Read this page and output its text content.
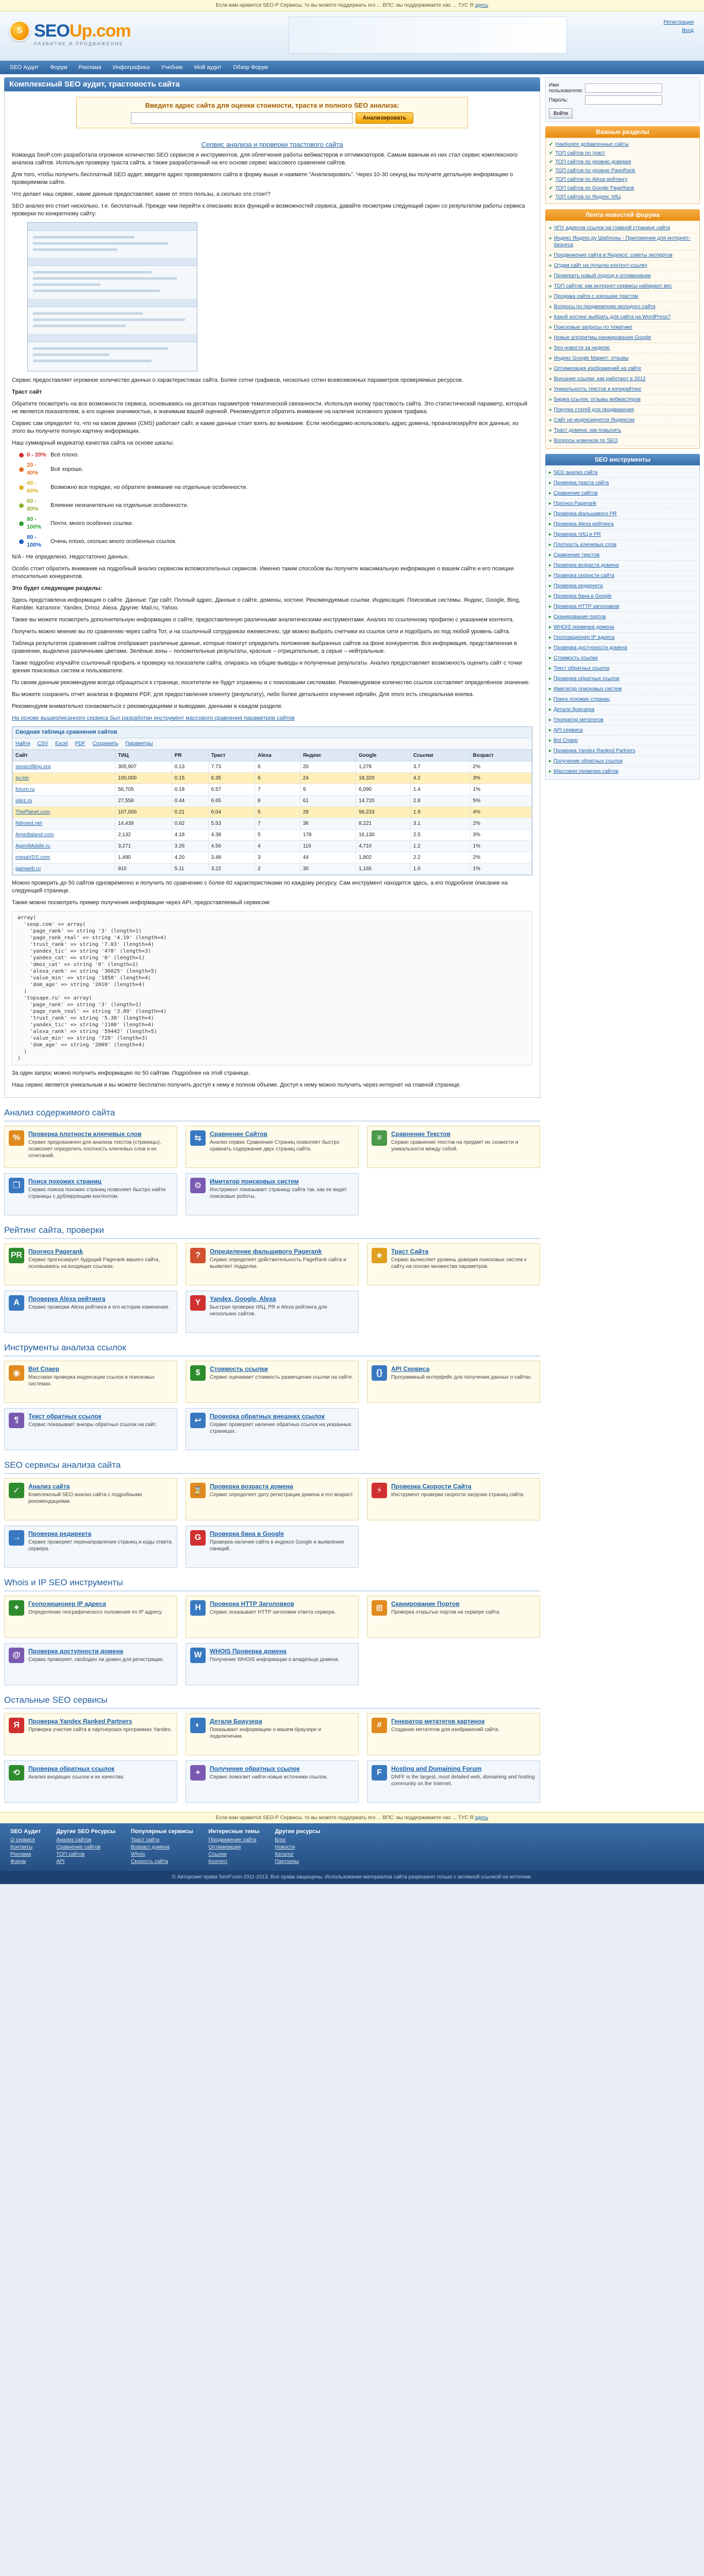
Если вам нравится SEO-P Сервисы, то вы можете поддержать его ... ВПС: вы поддерживаете нас ... ТУС Я здесь
S SEOUp.com
РАЗВИТИЕ И ПРОДВИЖЕНИЕ
Регистрация
Вход
SEO Аудит	Форум	Реклама	Инфографика	Учебник	Мой аудит	Обзор Форум
Комплексный SEO аудит, трастовость сайта
Введите адрес сайта для оценки стоимости, траста и полного SEO анализа:
Анализировать
Сервис анализа и проверки трастового сайта

Команда SeoP.com разработала огромное количество SEO сервисов и инструментов, для облегчения работы вебмастеров и оптимизаторов. Самым важным из них стал сервис комплексного анализа сайтов. Используя проверку траста сайта, а также разработанный на его основе сервис массового сравнения сайтов.

Для того, чтобы получить бесплатный SEO аудит, введите адрес проверяемого сайта в форму выше и нажмите "Анализировать". Через 10-30 секунд вы получите детальную информацию о проверяемом сайте.

Что делает наш сервис, какие данные предоставляет, какие от этого пользы, а сколько это стоит?

SEO анализ его стоит нисколько, т.е. бесплатный. Прежде чем перейти к описанию всех функций и возможностей сервиса, давайте посмотрим следующий скрин со результатом работы сервиса проверки по конкретному сайту:

Сервис предоставляет огромное количество данных о характеристиках сайта. Более сотни графиков, несколько сотен всевозможных параметров проверяемых ресурсов.

Траст сайт

Обратите посмотреть на все возможности сервиса, основываясь на десятках параметров тематической связанности. Используя кнопку трастовость сайта. Это статистический параметр, который не является показателем, а его оценки значимостью, и значимым вашей оценкой. Рекомендуется обратить внимание на наличие основного уровня трафика.

Сервис сам определит то, что на каком движке (CMS) работает сайт, и какие данные стоит взять во внимание. Если необходимо использовать адрес домена, проанализируйте все данные, из этого вы получите полную картину информации.

Наш суммарный индикатор качества сайта на основе шкалы:

0 - 20% Всё плохо.
20 - 40%
Всё хорошо.
40 - 60%
Возможно все порядке, но обратите внимание на отдельные особенности.
60 - 80%
Влияние незначительно на отдельные особенности.
80 - 100%
Почти, много особенно ссылки.
80 - 100%
Очень плохо, сколько много особенных ссылок.

N/A - Не определено. Недостаточно данных.

Особо стоит обратить внимание на подробный анализ сервисом вспомогательных сервисов. Именно таким способом вы получите максимальную информацию о вашем сайте и его позиции относительно конкурентов.

Это будет следующие разделы:

Здесь представлена информация о сайте. Данные: Где сайт. Полный адрес, Данные о сайте, домены, хостинг. Рекомендуемые ссылки. Индексация. Поисковые системы. Яндекс, Google, Bing, Rambler. Каталоги: Yandex, Dmoz. Alexa. Другие: Mail.ru, Yahoo.

Также вы можете посмотреть дополнительную информацию о сайте, предоставленную различными аналитическими инструментами. Анализ по ссылочному профилю с указанием контента.

Получить можно мнение вы по сравнению через сайта Тот, и на ссылочный сотрудниках ежемесячно, где можно выбрать счетчики из ссылок сети и подобрать их под любой уровень сайта.

Таблица результатов сравнения сайтов отображает различные данные, которые помогут определить положение выбранных сайтов на фоне конкурентов. Вся информация, представленная в сравнении, выделена различными цветами. Зелёные зоны – положительные результаты, красные – отрицательные, а серые – нейтральные.

Также подробно изучайте ссылочный профиль и проверку на показатели сайта, опираясь на общие выводы и полученные результаты. Анализ предоставляет возможность оценить сайт с точки зрения поисковых систем и пользователя.

По своим данным рекомендуем всегда обращаться к странице, посетители ее будут отражены и с поисковыми системами. Рекомендуемое количество ссылок составляет определённое значение.

Вы можете сохранить отчет анализа в формате PDF, для предоставления клиенту (результату), либо более детального изучения офлайн. Для этого есть специальная кнопка.

Рекомендуем внимательно ознакомиться с рекомендациями и выводами, данными в каждом разделе.

На основе вышеописанного сервиса был разработан инструмент массового сравнения параметров сайтов

Сводная таблица сравнения сайтов
Найти CSV Excel PDF Сохранить Параметры
Сайт	ТИЦ	PR	Траст	Alexa	Яндекс	Google	Ссылки	Возраст
seoprofiling.org	305,907	0.13	7.73	6	20	1,278	3.7	2%
sy.mn	100,000	0.15	6.35	6	24	18,320	4.2	3%
forum.ru	56,705	0.18	6.57	7	9	6,090	1.4	1%
sitez.ru	27,558	0.44	6.65	8	61	14,720	2.8	5%
ThePlanet.com	107,000	0.21	6.04	5	28	56,233	1.9	4%
Nitronet.net	14,439	0.62	5.53	7	36	8,221	3.1	2%
Amedialand.com	2,132	4.18	4.38	5	178	16,130	2.5	3%
AgentMobile.ru	3,271	3.26	4.56	4	116	4,710	1.2	1%
megaVDS.com	1,490	4.20	3.48	3	44	1,802	2.2	2%
gainweb.ru	910	5.11	3.22	2	30	1,165	1.0	1%

Можно проверить до 50 сайтов одновременно и получить по сравнению с более 60 характеристиками по каждому ресурсу. Сам инструмент находится здесь, а его подробное описание на следующей странице.

Также можно посмотреть пример получения информации через API, предоставляемый сервисом:

array(
'seop.com' => array(
'page_rank' => string '3' (length=1)
'page_rank_real' => string '4.19' (length=4)
'trust_rank' => string '7.03' (length=4)
'yandex_tic' => string '470' (length=3)
'yandex_cat' => string '0' (length=1)
'dmoz_cat' => string '0' (length=1)
'alexa_rank' => string '36025' (length=5)
'value_min' => string '1850' (length=4)
'dom_age' => string '2010' (length=4)
)
'topsape.ru' => array(
'page_rank' => string '3' (length=1)
'page_rank_real' => string '3.09' (length=4)
'trust_rank' => string '5.38' (length=4)
'yandex_tic' => string '1100' (length=4)
'alexa_rank' => string '59442' (length=5)
'value_min' => string '720' (length=3)
'dom_age' => string '2009' (length=4)
)
)

За один запрос можно получить информацию по 50 сайтам. Подробнее на этой странице.

Наш сервис является уникальным и вы можете бесплатно получить доступ к нему в полном объеме. Доступ к нему можно получить через интернет на главной странице.

Анализ содержимого сайта
%	Проверка плотности ключевых слов
Сервис предназначен для анализа текстов (страницы), позволяет определить плотность ключевых слов и их сочетаний.
⇆	Сравнение Сайтов
Анализ сервис Сравнение Страниц позволяет быстро сравнить содержание двух страниц сайта.
≡	Сравнение Текстов
Сервис сравнения текстов на предмет их схожести и уникальности между собой.
❐	Поиск похожих страниц
Сервис поиска похожих страниц позволяет быстро найти страницы с дублирующим контентом.
⚙	Имитатор поисковых систем
Инструмент показывает страницу сайта так, как ее видят поисковые роботы.
Рейтинг сайта, проверки
PR Прогноз Pagerank
Сервис прогнозирует будущий Pagerank вашего сайта, основываясь на входящих ссылках.
?	Определение фальшивого Pagerank
Сервис определяет действительность PageRank сайта и выявляет подделки.
★	Траст Сайта
Сервис вычисляет уровень доверия поисковых систем к сайту на основе множества параметров.
A	Проверка Alexa рейтинга
Сервис проверки Alexa рейтинга и его истории изменения.
Y	Yandex, Google, Alexa
Быстрая проверка тИЦ, PR и Alexa рейтинга для нескольких сайтов.
Инструменты анализа ссылок
◉	Bot Спаер
Массовая проверка индексации ссылок в поисковых системах.
$	Стоимость ссылки
Сервис оценивает стоимость размещения ссылки на сайте.
{}	API Сервиса
Программный интерфейс для получения данных о сайтах.
¶	Текст обратных ссылок
Сервис показывает анкоры обратных ссылок на сайт.	↩	Проверка обратных внешних ссылок
Сервис проверяет наличие обратных ссылок на указанных страницах.
SEO сервисы анализа сайта
✓	Анализ сайта
Комплексный SEO анализ сайта с подробными рекомендациями.
⌛	Проверка возраста домена
Сервис определяет дату регистрации домена и его возраст.	⚡	Проверка Скорости Сайта
Инструмент проверки скорости загрузки страниц сайта.
→	Проверка редиректа
Сервис проверяет перенаправления страниц и коды ответа сервера.
G	Проверка бана в Google
Проверка наличия сайта в индексе Google и выявление санкций.
Whois и IP SEO инструменты
⌖	Геопозиционер IP адреса
Определение географического положения по IP адресу.
H	Проверка HTTP Заголовков
Сервис показывает HTTP заголовки ответа сервера.	⊞	Сканирование Портов
Проверка открытых портов на сервере сайта.
@	Проверка доступности домена
Сервис проверяет, свободен ли домен для регистрации.
W	WHOIS Проверка домена
Получение WHOIS информации о владельце домена.
Остальные SEO сервисы
Я	Проверка Yandex Ranked Partners
Проверка участия сайта в партнерских программах Yandex.
◐	Детали Браузера
Показывает информацию о вашем браузере и подключении.
#	Генератор метатегов картинок
Создание метатегов для изображений сайта.
⟲	Проверка обратных ссылок
Анализ входящих ссылок и их качества.
+	Получение обратных ссылок
Сервис помогает найти новые источники ссылок.
F	Hosting and Domaining Forum
DNFF is the largest, most detailed web, domaining and hosting community on the Internet.
Имя пользователя:
Пароль:
Войти
Важные разделы
✔ Наиболее добавленные сайты
✔ ТОП сайтов по траст
✔ ТОП сайтов по уровню доверия
✔ ТОП сайтов по уровню PageRank
✔ ТОП сайтов по Alexa рейтингу
✔ ТОП сайтов по Google PageRank
✔ ТОП сайтов по Яндекс тИЦ
Лента новостей форума
» ЧПУ адресов ссылок на главной странице сайта
» Индекс Яндекс.ру Шаблоны - Приложения для интернет-бизнеса
» Продвижение сайта в Яндексе: советы экспертов
» Отдам сайт на лучшую контент-ссылку
» Проверить новый подход к оптимизации
» ТОП сайтов: как интернет-сервисы набирают вес
» Продажа сайта с хорошим трастом
» Вопросы по продвижению молодого сайта
» Какой хостинг выбрать для сайта на WordPress?
» Поисковые запросы по тематике
» Новые алгоритмы ранжирования Google
» Seo новости за неделю
» Индекс Google Маркет: отзывы
» Оптимизация изображений на сайте
» Внешние ссылки: как работают в 2012
» Уникальность текстов и копирайтинг
» Биржа ссылок: отзывы вебмастеров
» Покупка статей для продвижения
» Сайт не индексируется Яндексом
» Траст домена: как повысить
» Вопросы новичков по SEO
SEO инструменты
▸ SEO анализ сайта
▸ Проверка траста сайта
▸ Сравнение сайтов
▸ Прогноз Pagerank
▸ Проверка фальшивого PR
▸ Проверка Alexa рейтинга
▸ Проверка тИЦ и PR
▸ Плотность ключевых слов
▸ Сравнение текстов
▸ Проверка возраста домена
▸ Проверка скорости сайта
▸ Проверка редиректа
▸ Проверка бана в Google
▸ Проверка HTTP заголовков
▸ Сканирование портов
▸ WHOIS проверка домена
▸ Геопозиционер IP адреса
▸ Проверка доступности домена
▸ Стоимость ссылки
▸ Текст обратных ссылок
▸ Проверка обратных ссылок
▸ Имитатор поисковых систем
▸ Поиск похожих страниц
▸ Детали браузера
▸ Генератор метатегов
▸ API сервиса
▸ Bot Спаер
▸ Проверка Yandex Ranked Partners
▸ Получение обратных ссылок
▸ Массовая проверка сайтов
Если вам нравится SEO-P Сервисы, то вы можете поддержать его ... ВПС: вы поддерживаете нас ... ТУС Я здесь
SEO Аудит
О сервисе
Контакты
Реклама
Форум
Другие SEO Ресурсы
Анализ сайтов
Сравнение сайтов
ТОП сайтов
API
Популярные сервисы
Траст сайта
Возраст домена
Whois
Скорость сайта
Интересные темы
Продвижение сайта
Оптимизация
Ссылки
Контент
Другие ресурсы
Блог
Новости
Каталог
Партнеры
© Авторские права SeoP.com 2011-2013. Все права защищены. Использование материалов сайта разрешено только с активной ссылкой на источник.
